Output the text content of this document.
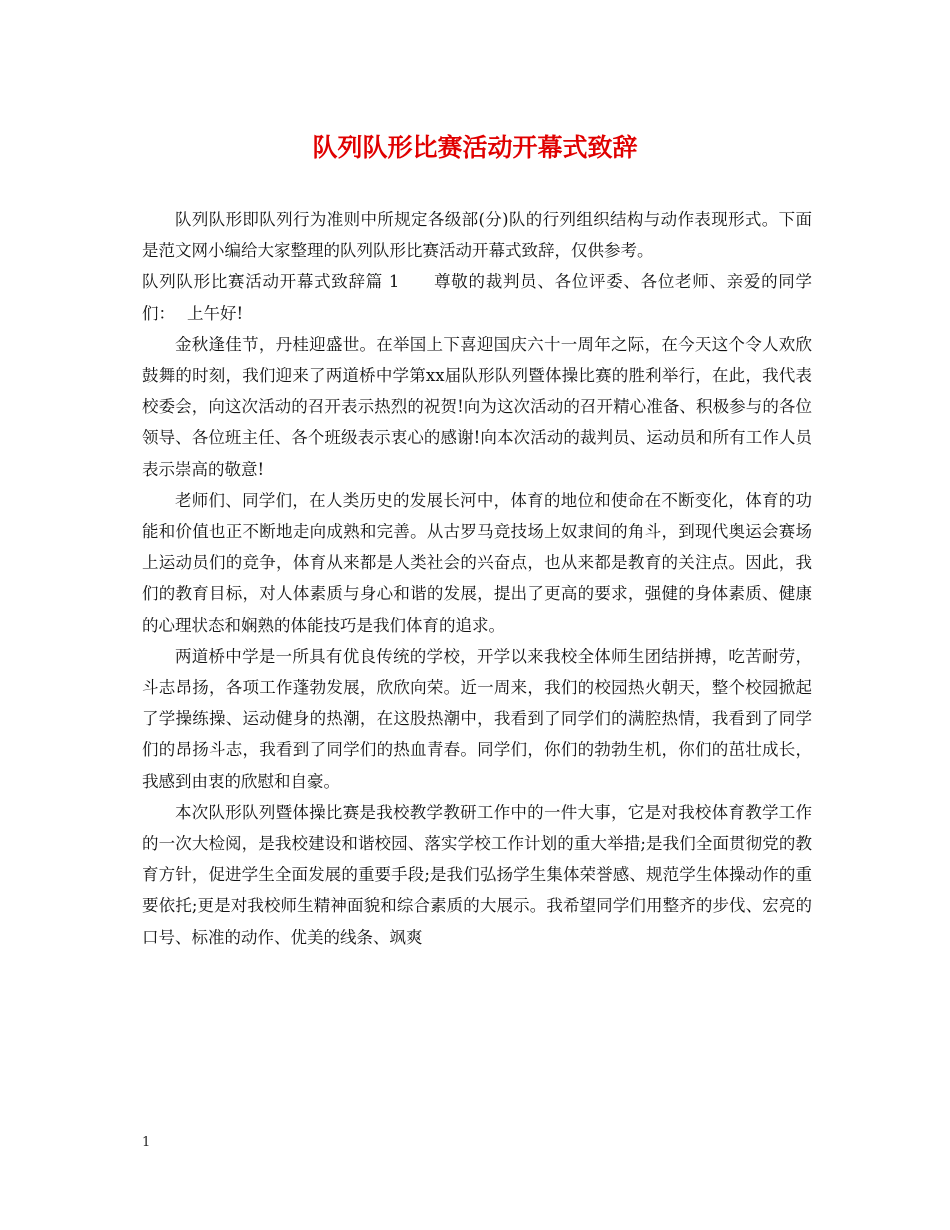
队列队形比赛活动开幕式致辞

队列队形即队列行为准则中所规定各级部(分)队的行列组织结构与动作表现形式。下面是范文网小编给大家整理的队列队形比赛活动开幕式致辞，仅供参考。

队列队形比赛活动开幕式致辞篇 1 尊敬的裁判员、各位评委、各位老师、亲爱的同学们： 上午好!

金秋逢佳节，丹桂迎盛世。在举国上下喜迎国庆六十一周年之际，在今天这个令人欢欣鼓舞的时刻，我们迎来了两道桥中学第xx届队形队列暨体操比赛的胜利举行，在此，我代表校委会，向这次活动的召开表示热烈的祝贺!向为这次活动的召开精心准备、积极参与的各位领导、各位班主任、各个班级表示衷心的感谢!向本次活动的裁判员、运动员和所有工作人员表示崇高的敬意!

老师们、同学们，在人类历史的发展长河中，体育的地位和使命在不断变化，体育的功能和价值也正不断地走向成熟和完善。从古罗马竞技场上奴隶间的角斗，到现代奥运会赛场上运动员们的竞争，体育从来都是人类社会的兴奋点，也从来都是教育的关注点。因此，我们的教育目标，对人体素质与身心和谐的发展，提出了更高的要求，强健的身体素质、健康的心理状态和娴熟的体能技巧是我们体育的追求。

两道桥中学是一所具有优良传统的学校，开学以来我校全体师生团结拼搏，吃苦耐劳，斗志昂扬，各项工作蓬勃发展，欣欣向荣。近一周来，我们的校园热火朝天，整个校园掀起了学操练操、运动健身的热潮，在这股热潮中，我看到了同学们的满腔热情，我看到了同学们的昂扬斗志，我看到了同学们的热血青春。同学们，你们的勃勃生机，你们的茁壮成长，我感到由衷的欣慰和自豪。

本次队形队列暨体操比赛是我校教学教研工作中的一件大事，它是对我校体育教学工作的一次大检阅，是我校建设和谐校园、落实学校工作计划的重大举措;是我们全面贯彻党的教育方针，促进学生全面发展的重要手段;是我们弘扬学生集体荣誉感、规范学生体操动作的重要依托;更是对我校师生精神面貌和综合素质的大展示。我希望同学们用整齐的步伐、宏亮的口号、标准的动作、优美的线条、飒爽

1
